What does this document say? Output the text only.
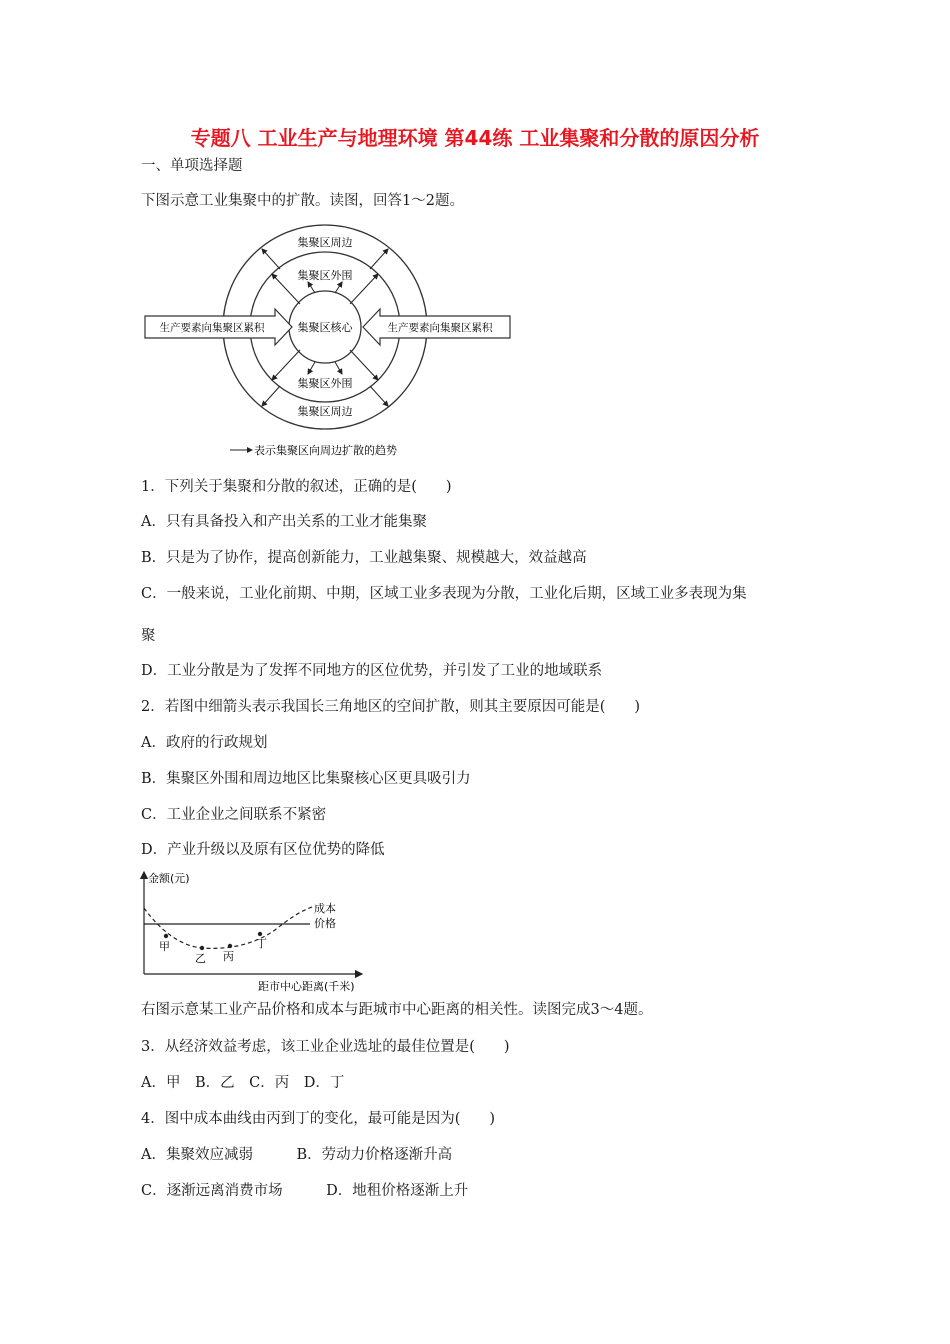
专题八 工业生产与地理环境 第44练 工业集聚和分散的原因分析
一、单项选择题
下图示意工业集聚中的扩散。读图，回答1～2题。
集聚区周边
集聚区外围
集聚区核心
集聚区外围
集聚区周边
生产要素向集聚区累积	生产要素向集聚区累积
表示集聚区向周边扩散的趋势
1．下列关于集聚和分散的叙述，正确的是(　　)
A．只有具备投入和产出关系的工业才能集聚
B．只是为了协作，提高创新能力，工业越集聚、规模越大，效益越高
C．一般来说，工业化前期、中期，区域工业多表现为分散，工业化后期，区域工业多表现为集
聚
D．工业分散是为了发挥不同地方的区位优势，并引发了工业的地域联系
2．若图中细箭头表示我国长三角地区的空间扩散，则其主要原因可能是(　　)
A．政府的行政规划
B．集聚区外围和周边地区比集聚核心区更具吸引力
C．工业企业之间联系不紧密
D．产业升级以及原有区位优势的降低
金额(元)
距市中心距离(千米)
成本
价格
甲
乙 丙
丁
右图示意某工业产品价格和成本与距城市中心距离的相关性。读图完成3～4题。
3．从经济效益考虑，该工业企业选址的最佳位置是(　　)
A．甲　B．乙　C．丙　D．丁
4．图中成本曲线由丙到丁的变化，最可能是因为(　　)
A．集聚效应减弱　　　B．劳动力价格逐渐升高
C．逐渐远离消费市场　　　D．地租价格逐渐上升
